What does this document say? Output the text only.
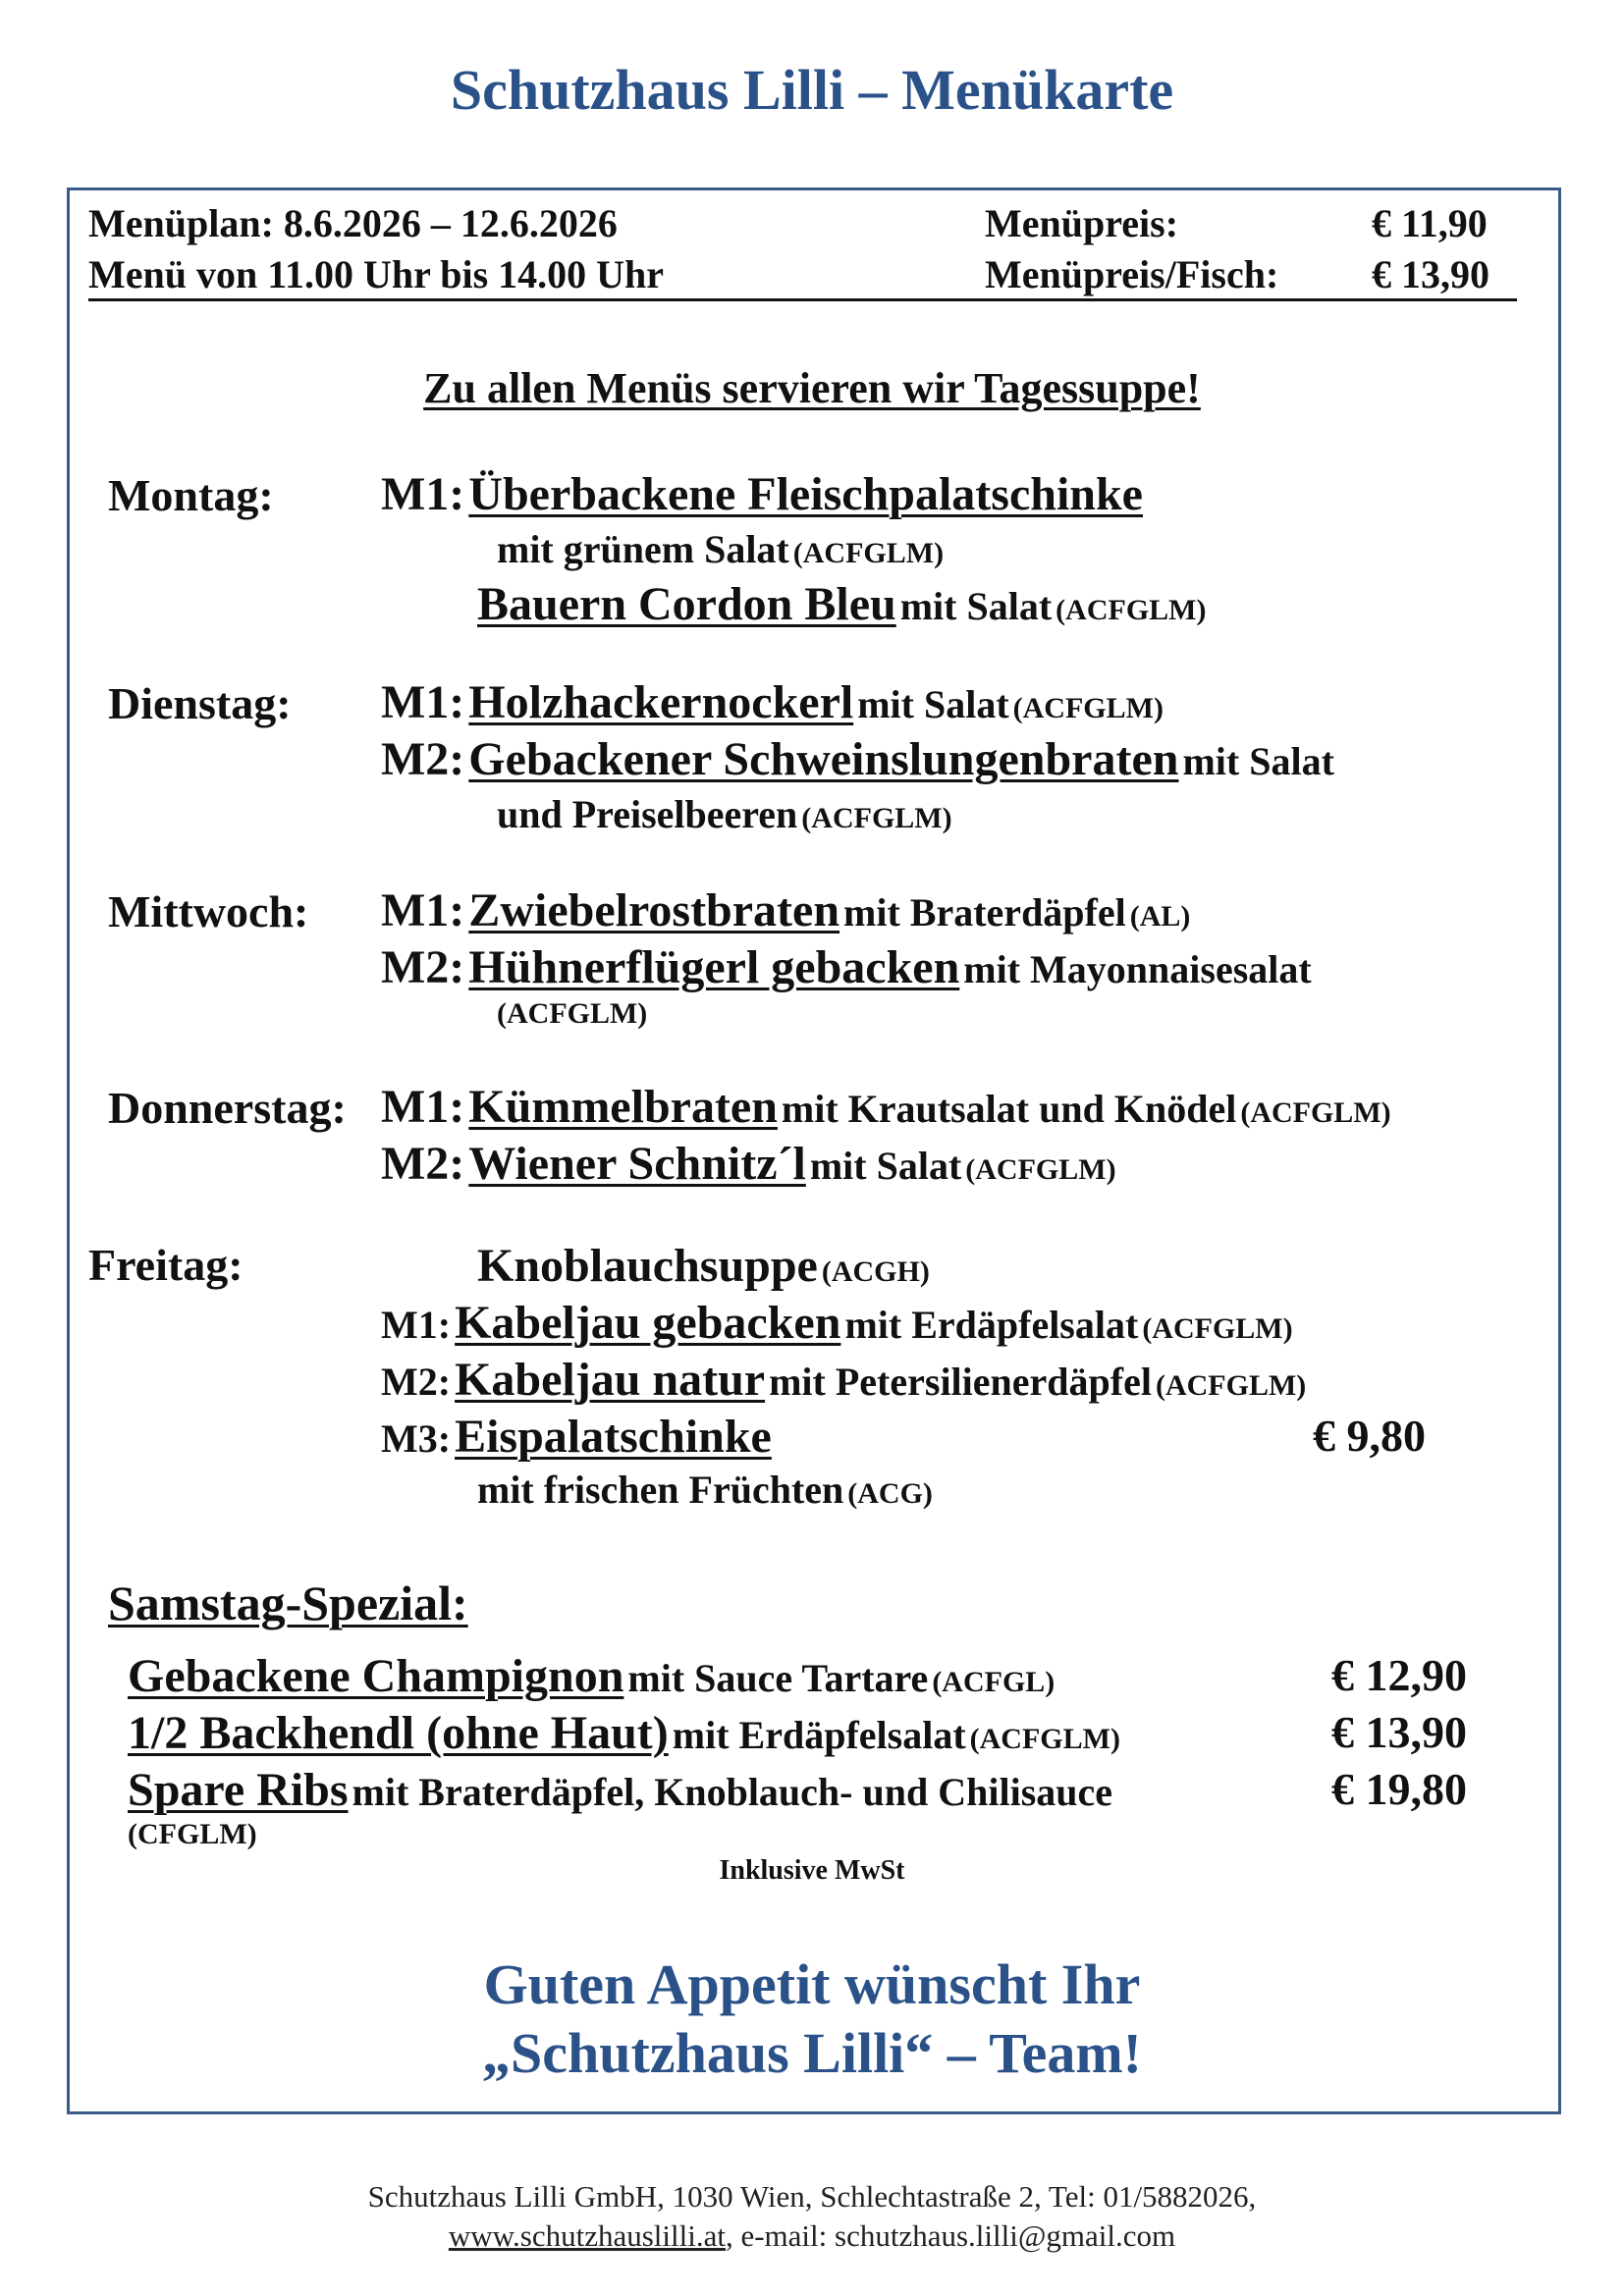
Schutzhaus Lilli – Menükarte
Menüplan: 8.6.2026 – 12.6.2026
Menü von 11.00 Uhr bis 14.00 Uhr
Menüpreis:	€ 11,90
Menüpreis/Fisch: € 13,90
Zu allen Menüs servieren wir Tagessuppe!
Montag: M1: Überbackene Fleischpalatschinke
mit grünem Salat (ACFGLM)
Bauern Cordon Bleu mit Salat (ACFGLM)
Dienstag: M1: Holzhackernockerl mit Salat (ACFGLM)
M2: Gebackener Schweinslungenbraten mit Salat
und Preiselbeeren (ACFGLM)
Mittwoch: M1: Zwiebelrostbraten mit Braterdäpfel (AL)
M2: Hühnerflügerl gebacken mit Mayonnaisesalat
(ACFGLM)
Donnerstag: M1: Kümmelbraten mit Krautsalat und Knödel (ACFGLM)
M2: Wiener Schnitz´l mit Salat (ACFGLM)
Freitag:	Knoblauchsuppe (ACGH)
M1: Kabeljau gebacken mit Erdäpfelsalat (ACFGLM)
M2: Kabeljau natur mit Petersilienerdäpfel (ACFGLM)
M3: Eispalatschinke	€ 9,80
mit frischen Früchten (ACG)
Samstag-Spezial:
Gebackene Champignon mit Sauce Tartare (ACFGL)	€ 12,90
1/2 Backhendl (ohne Haut) mit Erdäpfelsalat (ACFGLM)	€ 13,90
Spare Ribs mit Braterdäpfel, Knoblauch- und Chilisauce	€ 19,80
(CFGLM)
Inklusive MwSt
Guten Appetit wünscht Ihr
„Schutzhaus Lilli“ – Team!
Schutzhaus Lilli GmbH, 1030 Wien, Schlechtastraße 2, Tel: 01/5882026,
www.schutzhauslilli.at, e-mail: schutzhaus.lilli@gmail.com
